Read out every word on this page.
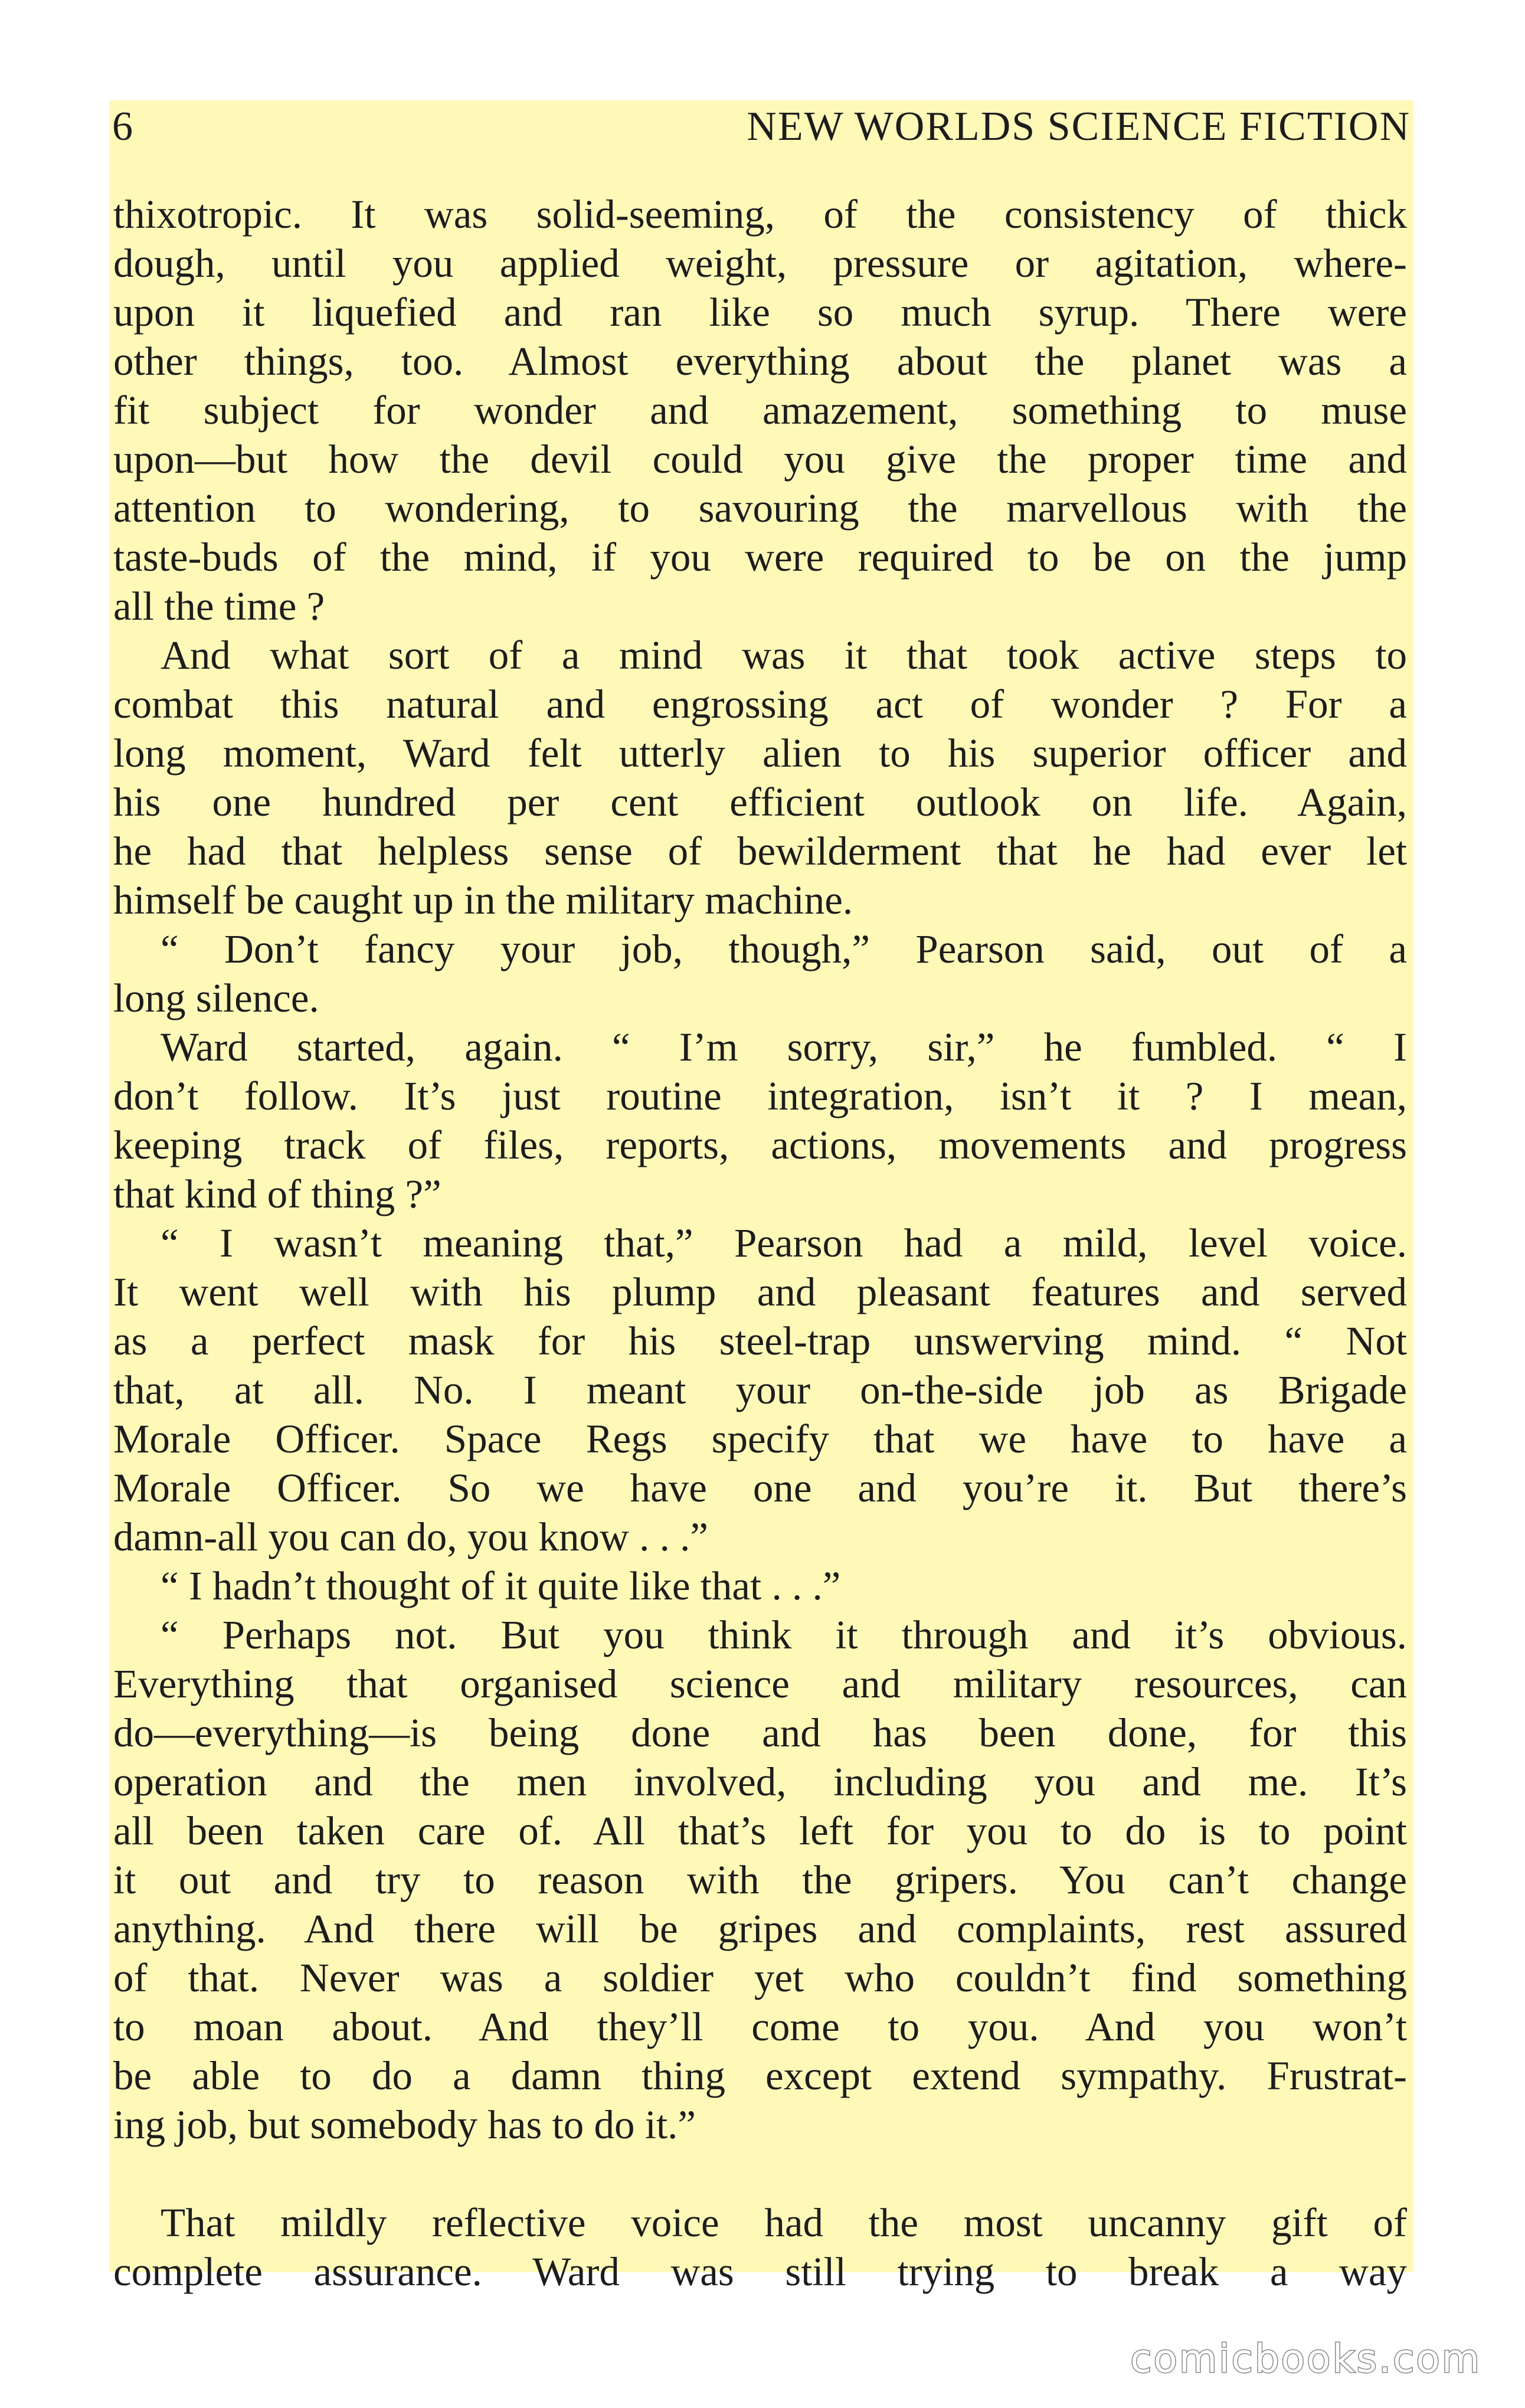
6	NEW WORLDS SCIENCE FICTION

thixotropic. It was solid-seeming, of the consistency of thick

dough, until you applied weight, pressure or agitation, where-

upon it liquefied and ran like so much syrup. There were

other things, too. Almost everything about the planet was a

fit subject for wonder and amazement, something to muse

upon—but how the devil could you give the proper time and

attention to wondering, to savouring the marvellous with the

taste-buds of the mind, if you were required to be on the jump

all the time ?

And what sort of a mind was it that took active steps to

combat this natural and engrossing act of wonder ? For a

long moment, Ward felt utterly alien to his superior officer and

his one hundred per cent efficient outlook on life. Again,

he had that helpless sense of bewilderment that he had ever let

himself be caught up in the military machine.

“ Don’t fancy your job, though,” Pearson said, out of a

long silence.

Ward started, again. “ I’m sorry, sir,” he fumbled. “ I

don’t follow. It’s just routine integration, isn’t it ? I mean,

keeping track of files, reports, actions, movements and progress

that kind of thing ?”

“ I wasn’t meaning that,” Pearson had a mild, level voice.

It went well with his plump and pleasant features and served

as a perfect mask for his steel-trap unswerving mind. “ Not

that, at all. No. I meant your on-the-side job as Brigade

Morale Officer. Space Regs specify that we have to have a

Morale Officer. So we have one and you’re it. But there’s

damn-all you can do, you know . . .”

“ I hadn’t thought of it quite like that . . .”

“ Perhaps not. But you think it through and it’s obvious.

Everything that organised science and military resources, can

do—everything—is being done and has been done, for this

operation and the men involved, including you and me. It’s

all been taken care of. All that’s left for you to do is to point

it out and try to reason with the gripers. You can’t change

anything. And there will be gripes and complaints, rest assured

of that. Never was a soldier yet who couldn’t find something

to moan about. And they’ll come to you. And you won’t

be able to do a damn thing except extend sympathy. Frustrat-

ing job, but somebody has to do it.”

That mildly reflective voice had the most uncanny gift of

complete assurance. Ward was still trying to break a way

comicbooks.com
